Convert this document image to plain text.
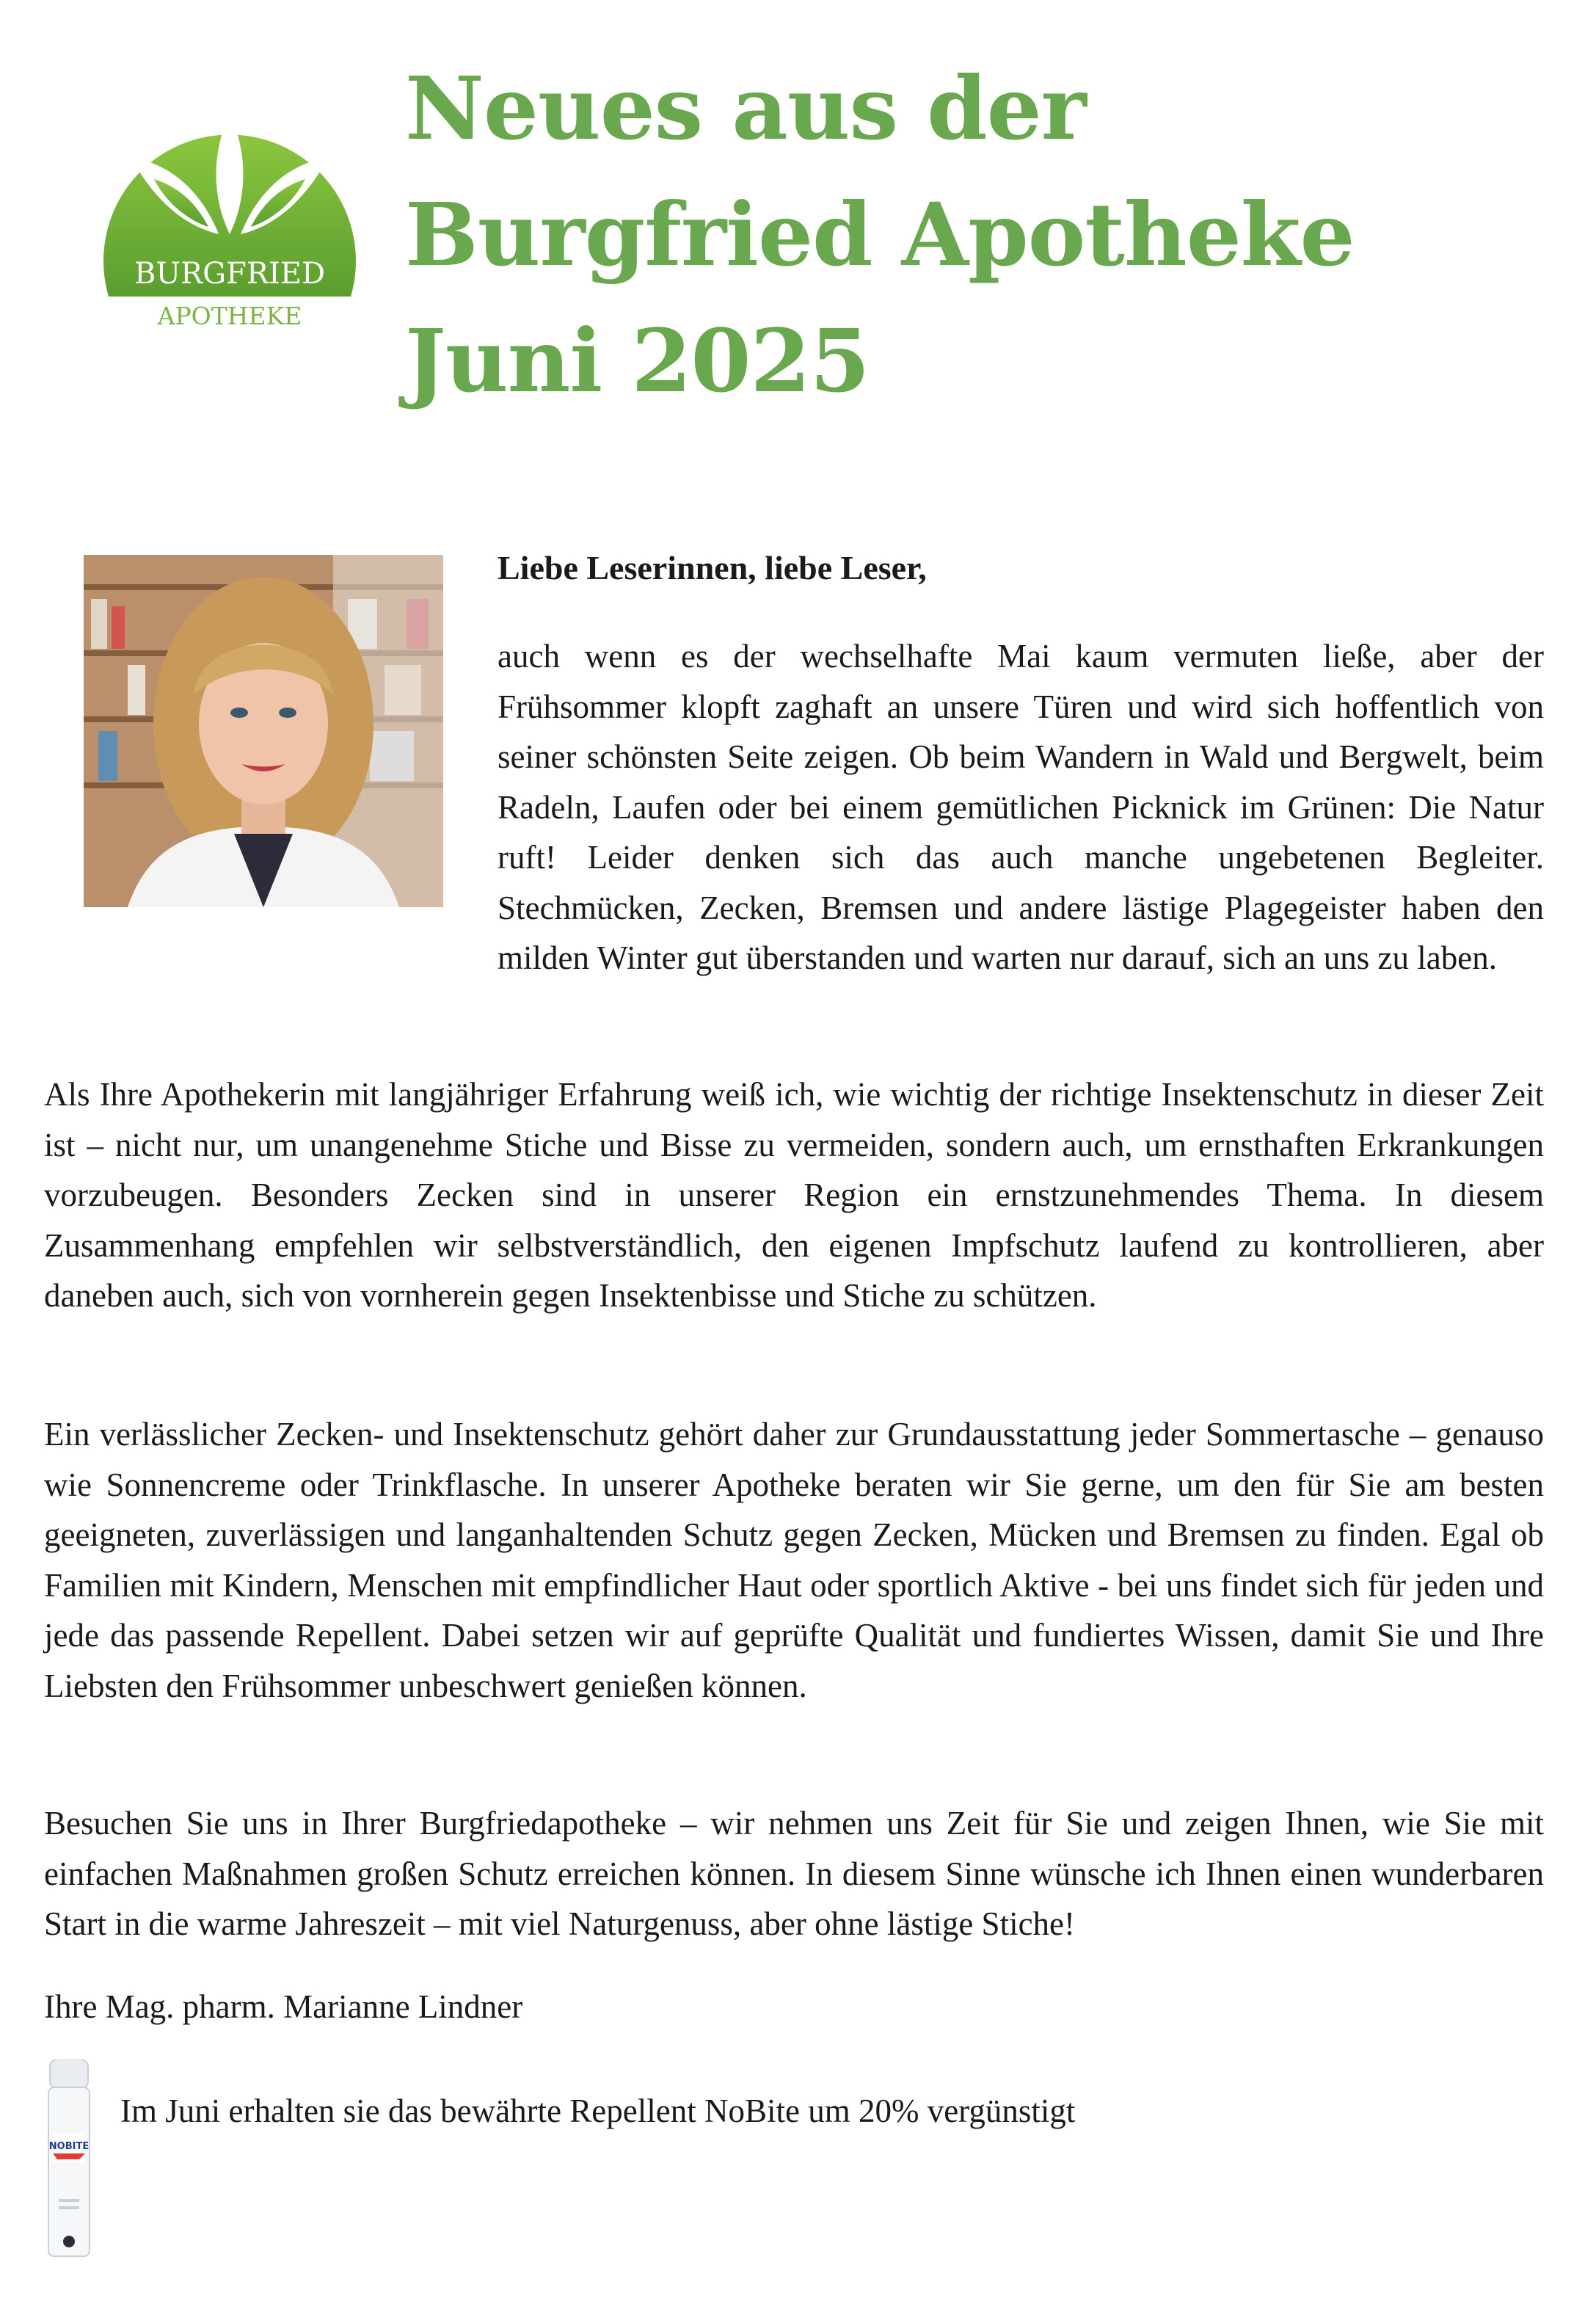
BURGFRIED
APOTHEKE
Neues aus der
Burgfried Apotheke
Juni 2025

Liebe Leserinnen, liebe Leser,

auch wenn es der wechselhafte Mai kaum vermuten ließe, aber der Frühsommer klopft zaghaft an unsere Türen und wird sich hoffentlich von seiner schönsten Seite zeigen. Ob beim Wandern in Wald und Bergwelt, beim Radeln, Laufen oder bei einem gemütlichen Picknick im Grünen: Die Natur ruft! Leider denken sich das auch manche ungebetenen Begleiter. Stechmücken, Zecken, Bremsen und andere lästige Plagegeister haben den milden Winter gut überstanden und warten nur darauf, sich an uns zu laben.

Als Ihre Apothekerin mit langjähriger Erfahrung weiß ich, wie wichtig der richtige Insektenschutz in dieser Zeit ist – nicht nur, um unangenehme Stiche und Bisse zu vermeiden, sondern auch, um ernsthaften Erkrankungen vorzubeugen. Besonders Zecken sind in unserer Region ein ernstzunehmendes Thema. In diesem Zusammenhang empfehlen wir selbstverständlich, den eigenen Impfschutz laufend zu kontrollieren, aber daneben auch, sich von vornherein gegen Insektenbisse und Stiche zu schützen.

Ein verlässlicher Zecken- und Insektenschutz gehört daher zur Grundausstattung jeder Sommertasche – genauso wie Sonnencreme oder Trinkflasche. In unserer Apotheke beraten wir Sie gerne, um den für Sie am besten geeigneten, zuverlässigen und langanhaltenden Schutz gegen Zecken, Mücken und Bremsen zu finden. Egal ob Familien mit Kindern, Menschen mit empfindlicher Haut oder sportlich Aktive - bei uns findet sich für jeden und jede das passende Repellent. Dabei setzen wir auf geprüfte Qualität und fundiertes Wissen, damit Sie und Ihre Liebsten den Frühsommer unbeschwert genießen können.

Besuchen Sie uns in Ihrer Burgfriedapotheke – wir nehmen uns Zeit für Sie und zeigen Ihnen, wie Sie mit einfachen Maßnahmen großen Schutz erreichen können. In diesem Sinne wünsche ich Ihnen einen wunderbaren Start in die warme Jahreszeit – mit viel Naturgenuss, aber ohne lästige Stiche!

Ihre Mag. pharm. Marianne Lindner

NOBITE

Im Juni erhalten sie das bewährte Repellent NoBite um 20% vergünstigt
